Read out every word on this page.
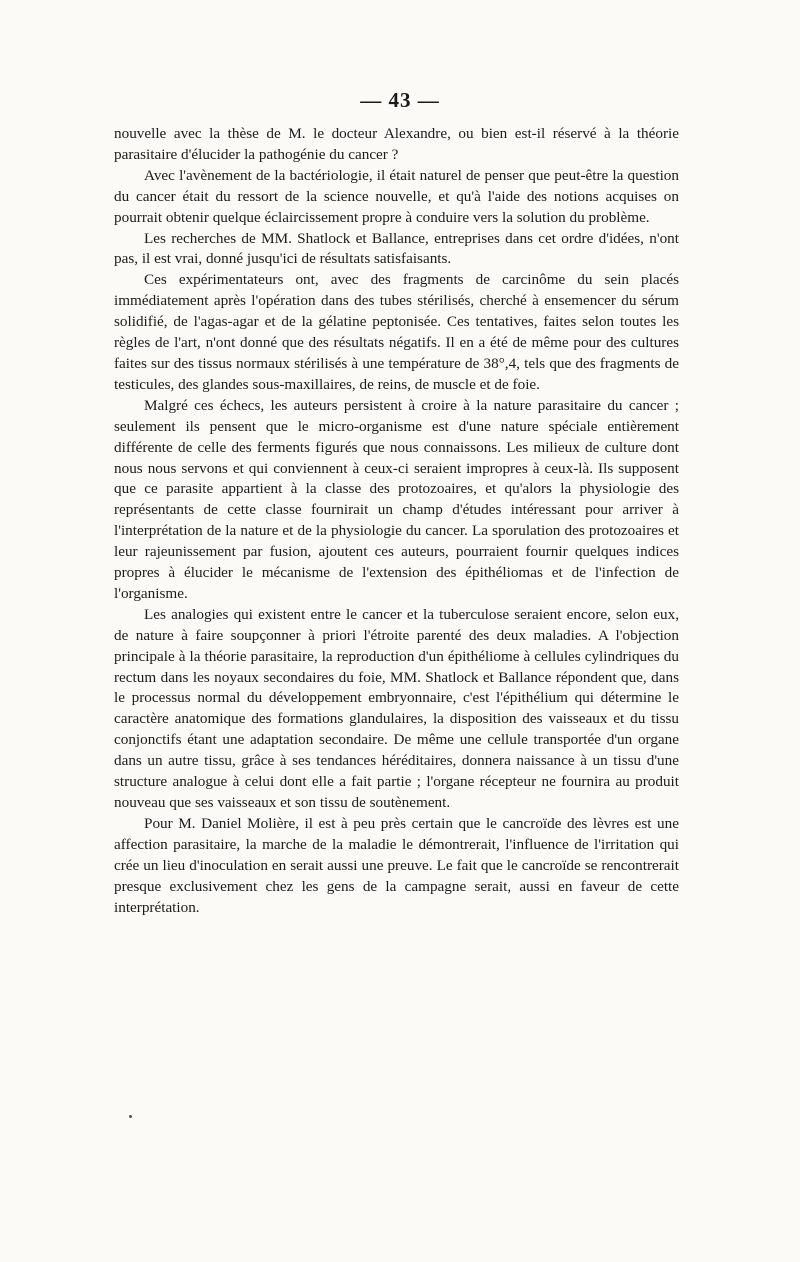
— 43 —

nouvelle avec la thèse de M. le docteur Alexandre, ou bien est-il réservé à la théorie parasitaire d'élucider la pathogénie du cancer ?

Avec l'avènement de la bactériologie, il était naturel de penser que peut-être la question du cancer était du ressort de la science nouvelle, et qu'à l'aide des notions acquises on pourrait obtenir quelque éclaircissement propre à conduire vers la solution du problème.

Les recherches de MM. Shatlock et Ballance, entreprises dans cet ordre d'idées, n'ont pas, il est vrai, donné jusqu'ici de résultats satisfaisants.

Ces expérimentateurs ont, avec des fragments de carcinôme du sein placés immédiatement après l'opération dans des tubes stérilisés, cherché à ensemencer du sérum solidifié, de l'agas-agar et de la gélatine peptonisée. Ces tentatives, faites selon toutes les règles de l'art, n'ont donné que des résultats négatifs. Il en a été de même pour des cultures faites sur des tissus normaux stérilisés à une température de 38°,4, tels que des fragments de testicules, des glandes sous-maxillaires, de reins, de muscle et de foie.

Malgré ces échecs, les auteurs persistent à croire à la nature parasitaire du cancer ; seulement ils pensent que le micro-organisme est d'une nature spéciale entièrement différente de celle des ferments figurés que nous connaissons. Les milieux de culture dont nous nous servons et qui conviennent à ceux-ci seraient impropres à ceux-là. Ils supposent que ce parasite appartient à la classe des protozoaires, et qu'alors la physiologie des représentants de cette classe fournirait un champ d'études intéressant pour arriver à l'interprétation de la nature et de la physiologie du cancer. La sporulation des protozoaires et leur rajeunissement par fusion, ajoutent ces auteurs, pourraient fournir quelques indices propres à élucider le mécanisme de l'extension des épithéliomas et de l'infection de l'organisme.

Les analogies qui existent entre le cancer et la tuberculose seraient encore, selon eux, de nature à faire soupçonner à priori l'étroite parenté des deux maladies. A l'objection principale à la théorie parasitaire, la reproduction d'un épithéliome à cellules cylindriques du rectum dans les noyaux secondaires du foie, MM. Shatlock et Ballance répondent que, dans le processus normal du développement embryonnaire, c'est l'épithélium qui détermine le caractère anatomique des formations glandulaires, la disposition des vaisseaux et du tissu conjonctifs étant une adaptation secondaire. De même une cellule transportée d'un organe dans un autre tissu, grâce à ses tendances héréditaires, donnera naissance à un tissu d'une structure analogue à celui dont elle a fait partie ; l'organe récepteur ne fournira au produit nouveau que ses vaisseaux et son tissu de soutènement.

Pour M. Daniel Molière, il est à peu près certain que le cancroïde des lèvres est une affection parasitaire, la marche de la maladie le démontrerait, l'influence de l'irritation qui crée un lieu d'inoculation en serait aussi une preuve. Le fait que le cancroïde se rencontrerait presque exclusivement chez les gens de la campagne serait, aussi en faveur de cette interprétation.
